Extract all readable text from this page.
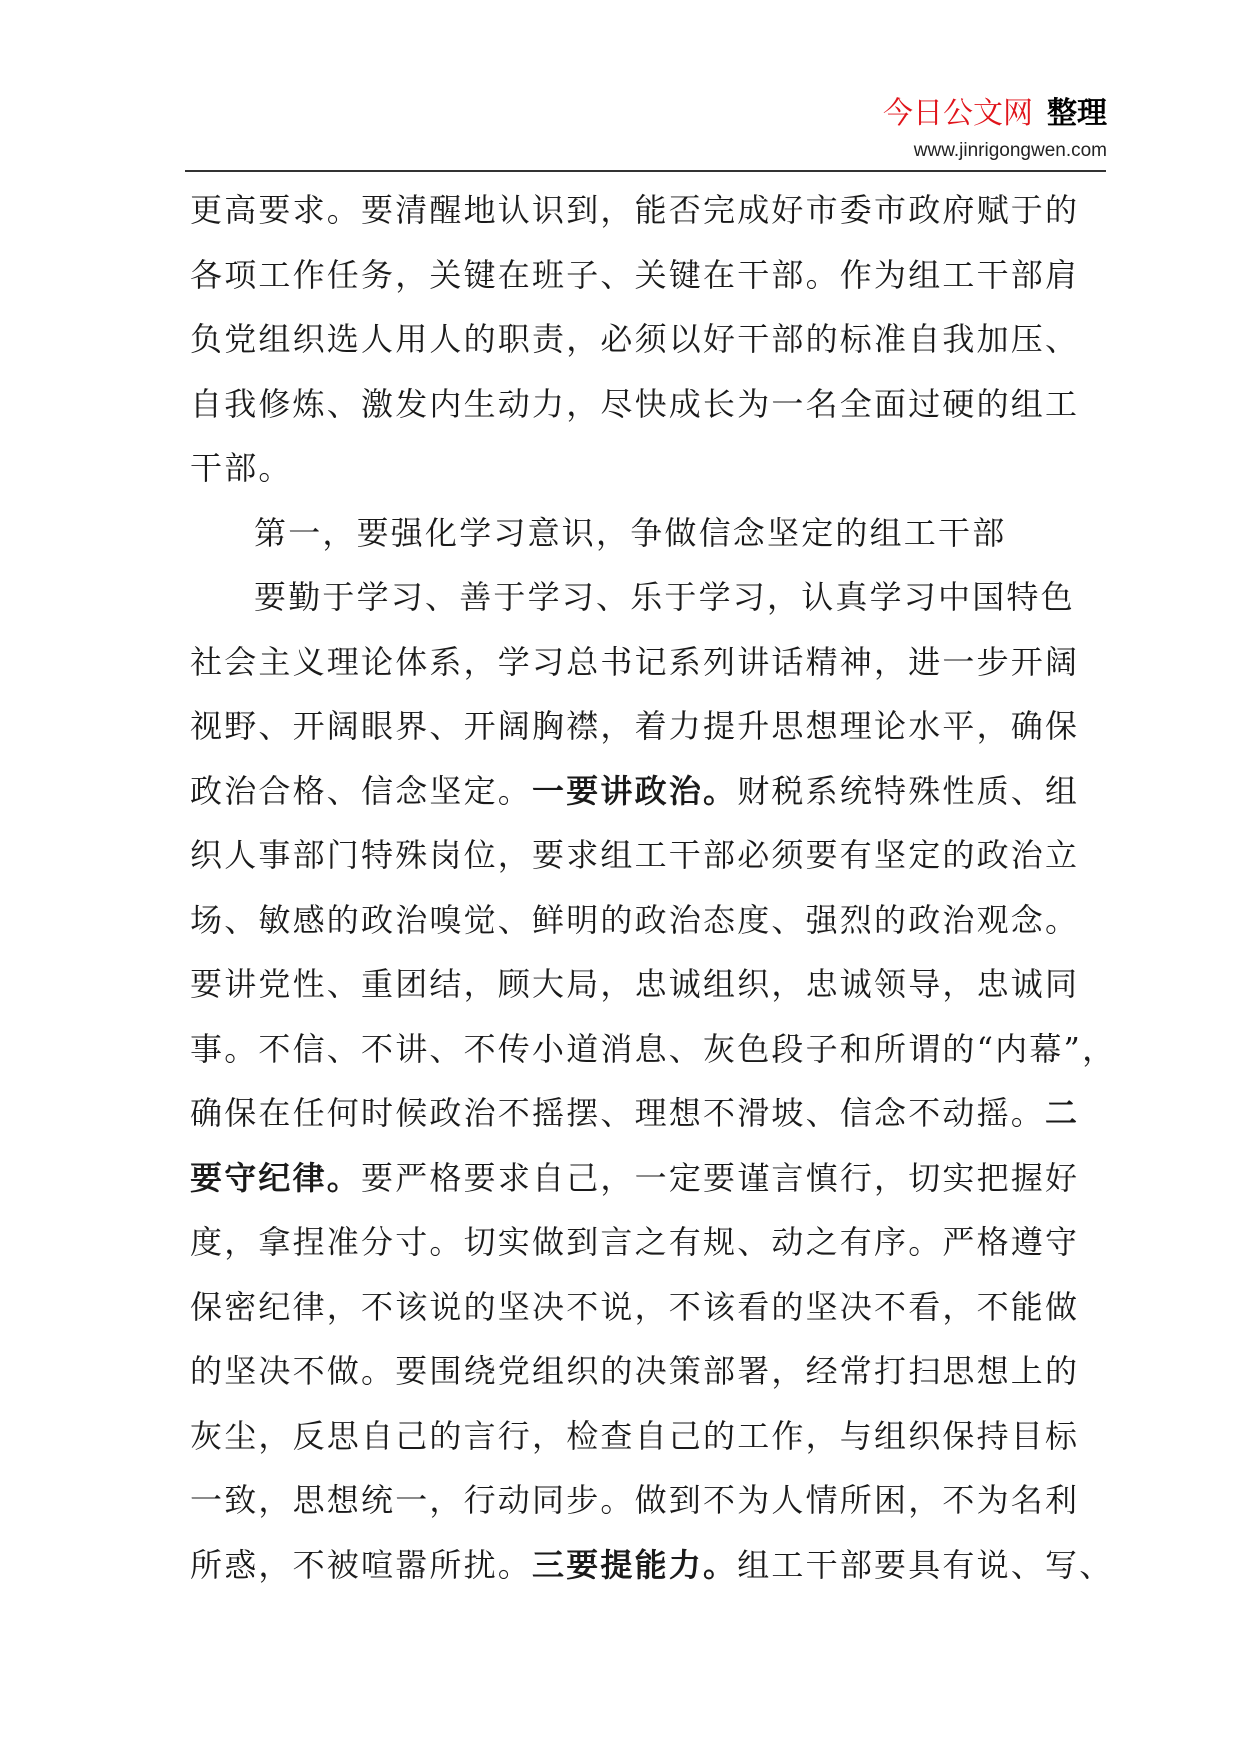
今日公文网 整理
www.jinrigongwen.com
更高要求。要清醒地认识到，能否完成好市委市政府赋于的
各项工作任务，关键在班子、关键在干部。作为组工干部肩
负党组织选人用人的职责，必须以好干部的标准自我加压、
自我修炼、激发内生动力，尽快成长为一名全面过硬的组工
干部。
第一，要强化学习意识，争做信念坚定的组工干部
要勤于学习、善于学习、乐于学习，认真学习中国特色
社会主义理论体系，学习总书记系列讲话精神，进一步开阔
视野、开阔眼界、开阔胸襟，着力提升思想理论水平，确保
政治合格、信念坚定。一要讲政治。财税系统特殊性质、组
织人事部门特殊岗位，要求组工干部必须要有坚定的政治立
场、敏感的政治嗅觉、鲜明的政治态度、强烈的政治观念。
要讲党性、重团结，顾大局，忠诚组织，忠诚领导，忠诚同
事。不信、不讲、不传小道消息、灰色段子和所谓的“内幕”，
确保在任何时候政治不摇摆、理想不滑坡、信念不动摇。二
要守纪律。要严格要求自己，一定要谨言慎行，切实把握好
度，拿捏准分寸。切实做到言之有规、动之有序。严格遵守
保密纪律，不该说的坚决不说，不该看的坚决不看，不能做
的坚决不做。要围绕党组织的决策部署，经常打扫思想上的
灰尘，反思自己的言行，检查自己的工作，与组织保持目标
一致，思想统一，行动同步。做到不为人情所困，不为名利
所惑，不被喧嚣所扰。三要提能力。组工干部要具有说、写、
